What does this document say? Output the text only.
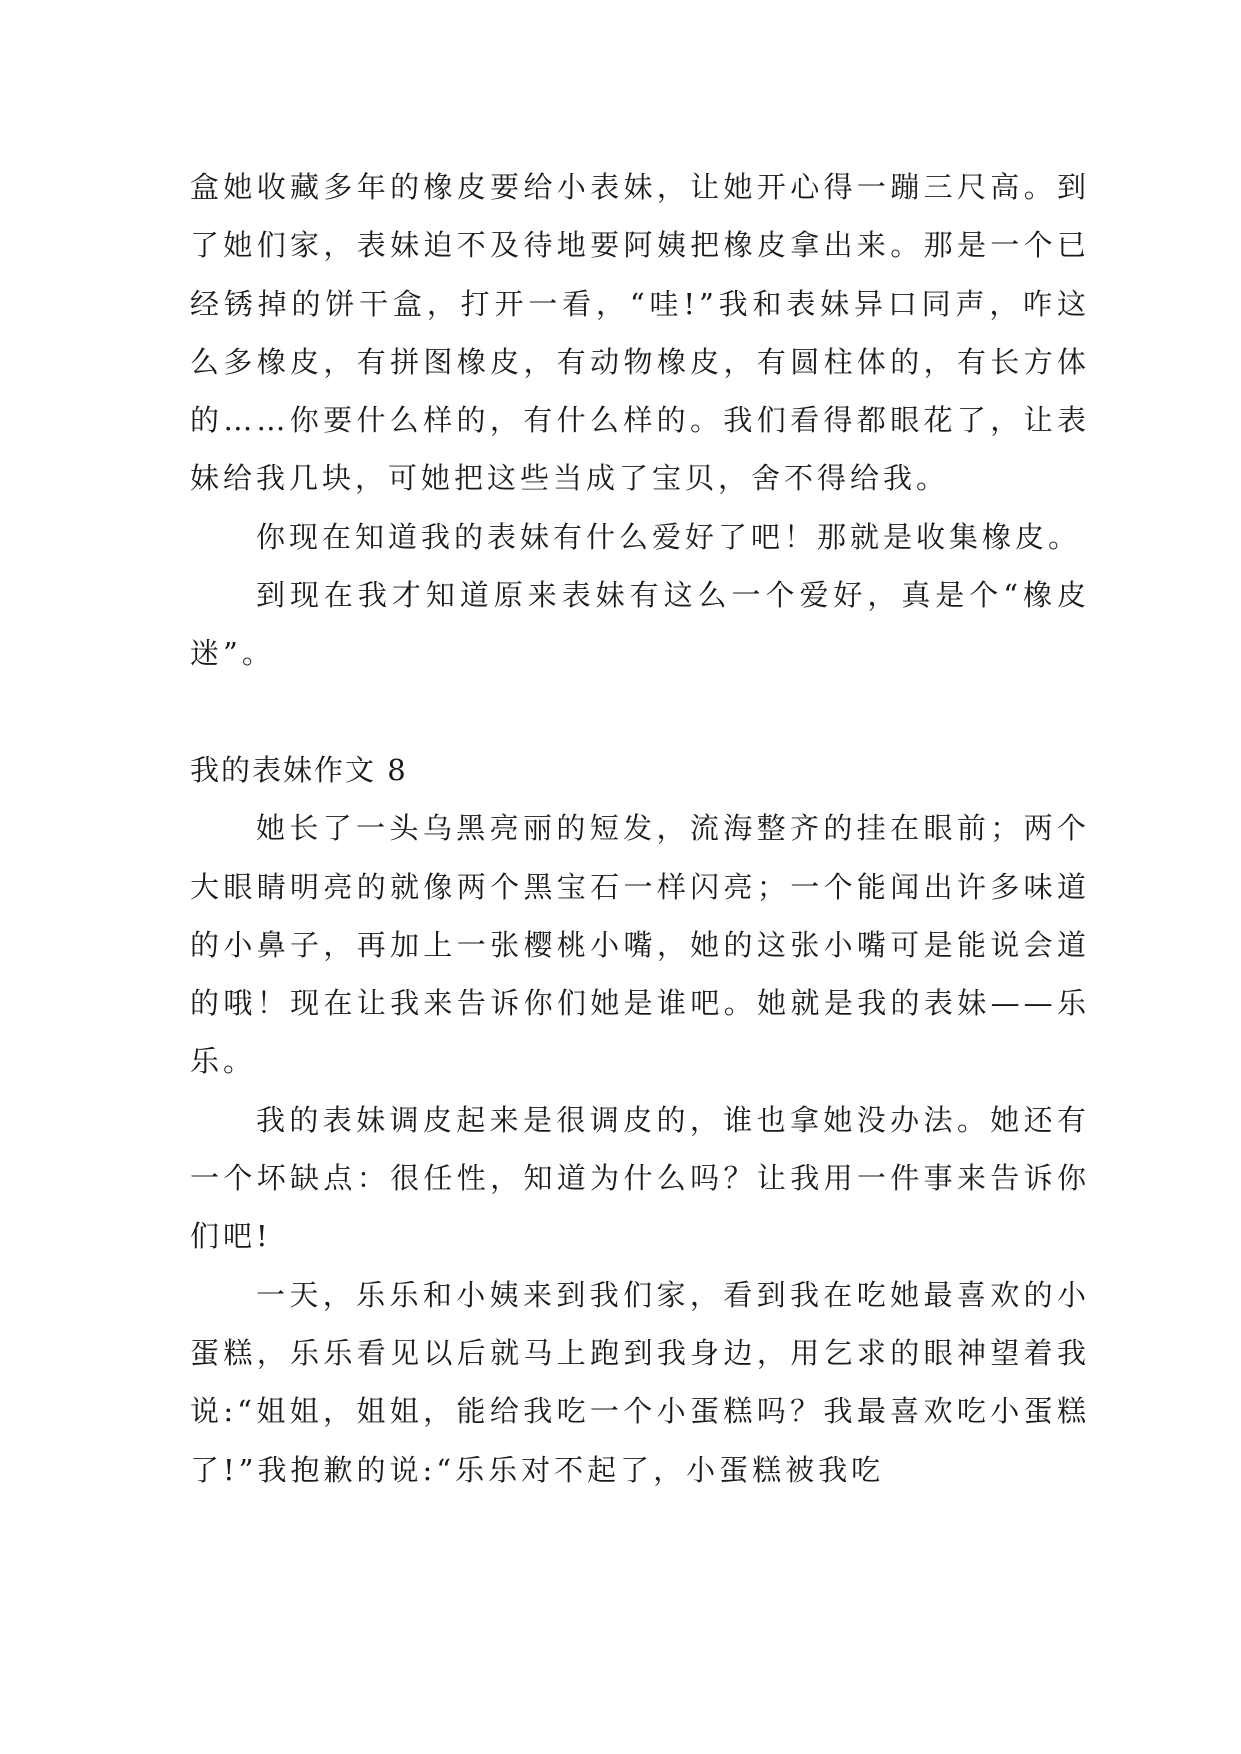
盒她收藏多年的橡皮要给小表妹，让她开心得一蹦三尺高。到了她们家，表妹迫不及待地要阿姨把橡皮拿出来。那是一个已经锈掉的饼干盒，打开一看，“哇!”我和表妹异口同声，咋这么多橡皮，有拼图橡皮，有动物橡皮，有圆柱体的，有长方体的……你要什么样的，有什么样的。我们看得都眼花了，让表妹给我几块，可她把这些当成了宝贝，舍不得给我。

你现在知道我的表妹有什么爱好了吧！那就是收集橡皮。

到现在我才知道原来表妹有这么一个爱好，真是个“橡皮迷”。

我的表妹作文 8

她长了一头乌黑亮丽的短发，流海整齐的挂在眼前；两个大眼睛明亮的就像两个黑宝石一样闪亮；一个能闻出许多味道的小鼻子，再加上一张樱桃小嘴，她的这张小嘴可是能说会道的哦！现在让我来告诉你们她是谁吧。她就是我的表妹——乐乐。

我的表妹调皮起来是很调皮的，谁也拿她没办法。她还有一个坏缺点：很任性，知道为什么吗？让我用一件事来告诉你们吧!

一天，乐乐和小姨来到我们家，看到我在吃她最喜欢的小蛋糕，乐乐看见以后就马上跑到我身边，用乞求的眼神望着我说:“姐姐，姐姐，能给我吃一个小蛋糕吗？我最喜欢吃小蛋糕了!”我抱歉的说:“乐乐对不起了，小蛋糕被我吃
